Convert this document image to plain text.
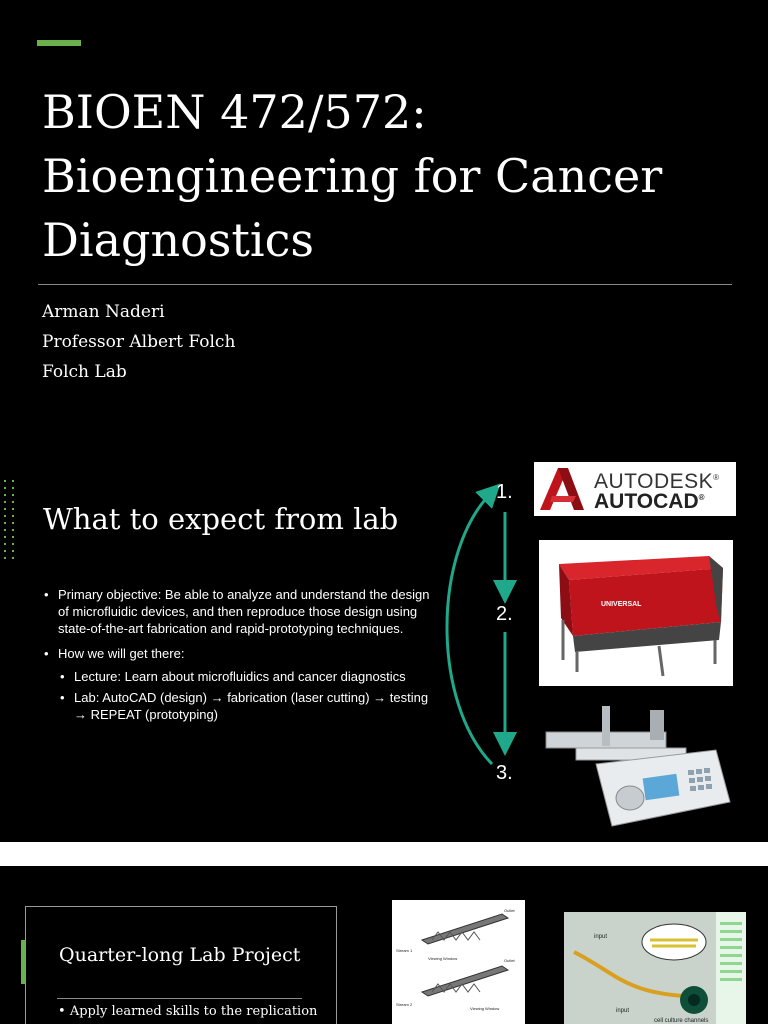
BIOEN 472/572:
Bioengineering for Cancer
Diagnostics
Arman Naderi
Professor Albert Folch
Folch Lab
What to expect from lab
• Primary objective: Be able to analyze and understand the design of microfluidic devices, and then reproduce those design using state-of-the-art fabrication and rapid-prototyping techniques.
• How we will get there:
• Lecture: Learn about microfluidics and cancer diagnostics
• Lab: AutoCAD (design) → fabrication (laser cutting) → testing → REPEAT (prototyping)
1.
2.
3.
AUTODESK®
AUTOCAD®
UNIVERSAL
Quarter-long Lab Project
• Apply learned skills to the replication
Stream 1
Stream 2
Outlet
Outlet
Viewing Window
Viewing Window
input
input
cell culture channels
